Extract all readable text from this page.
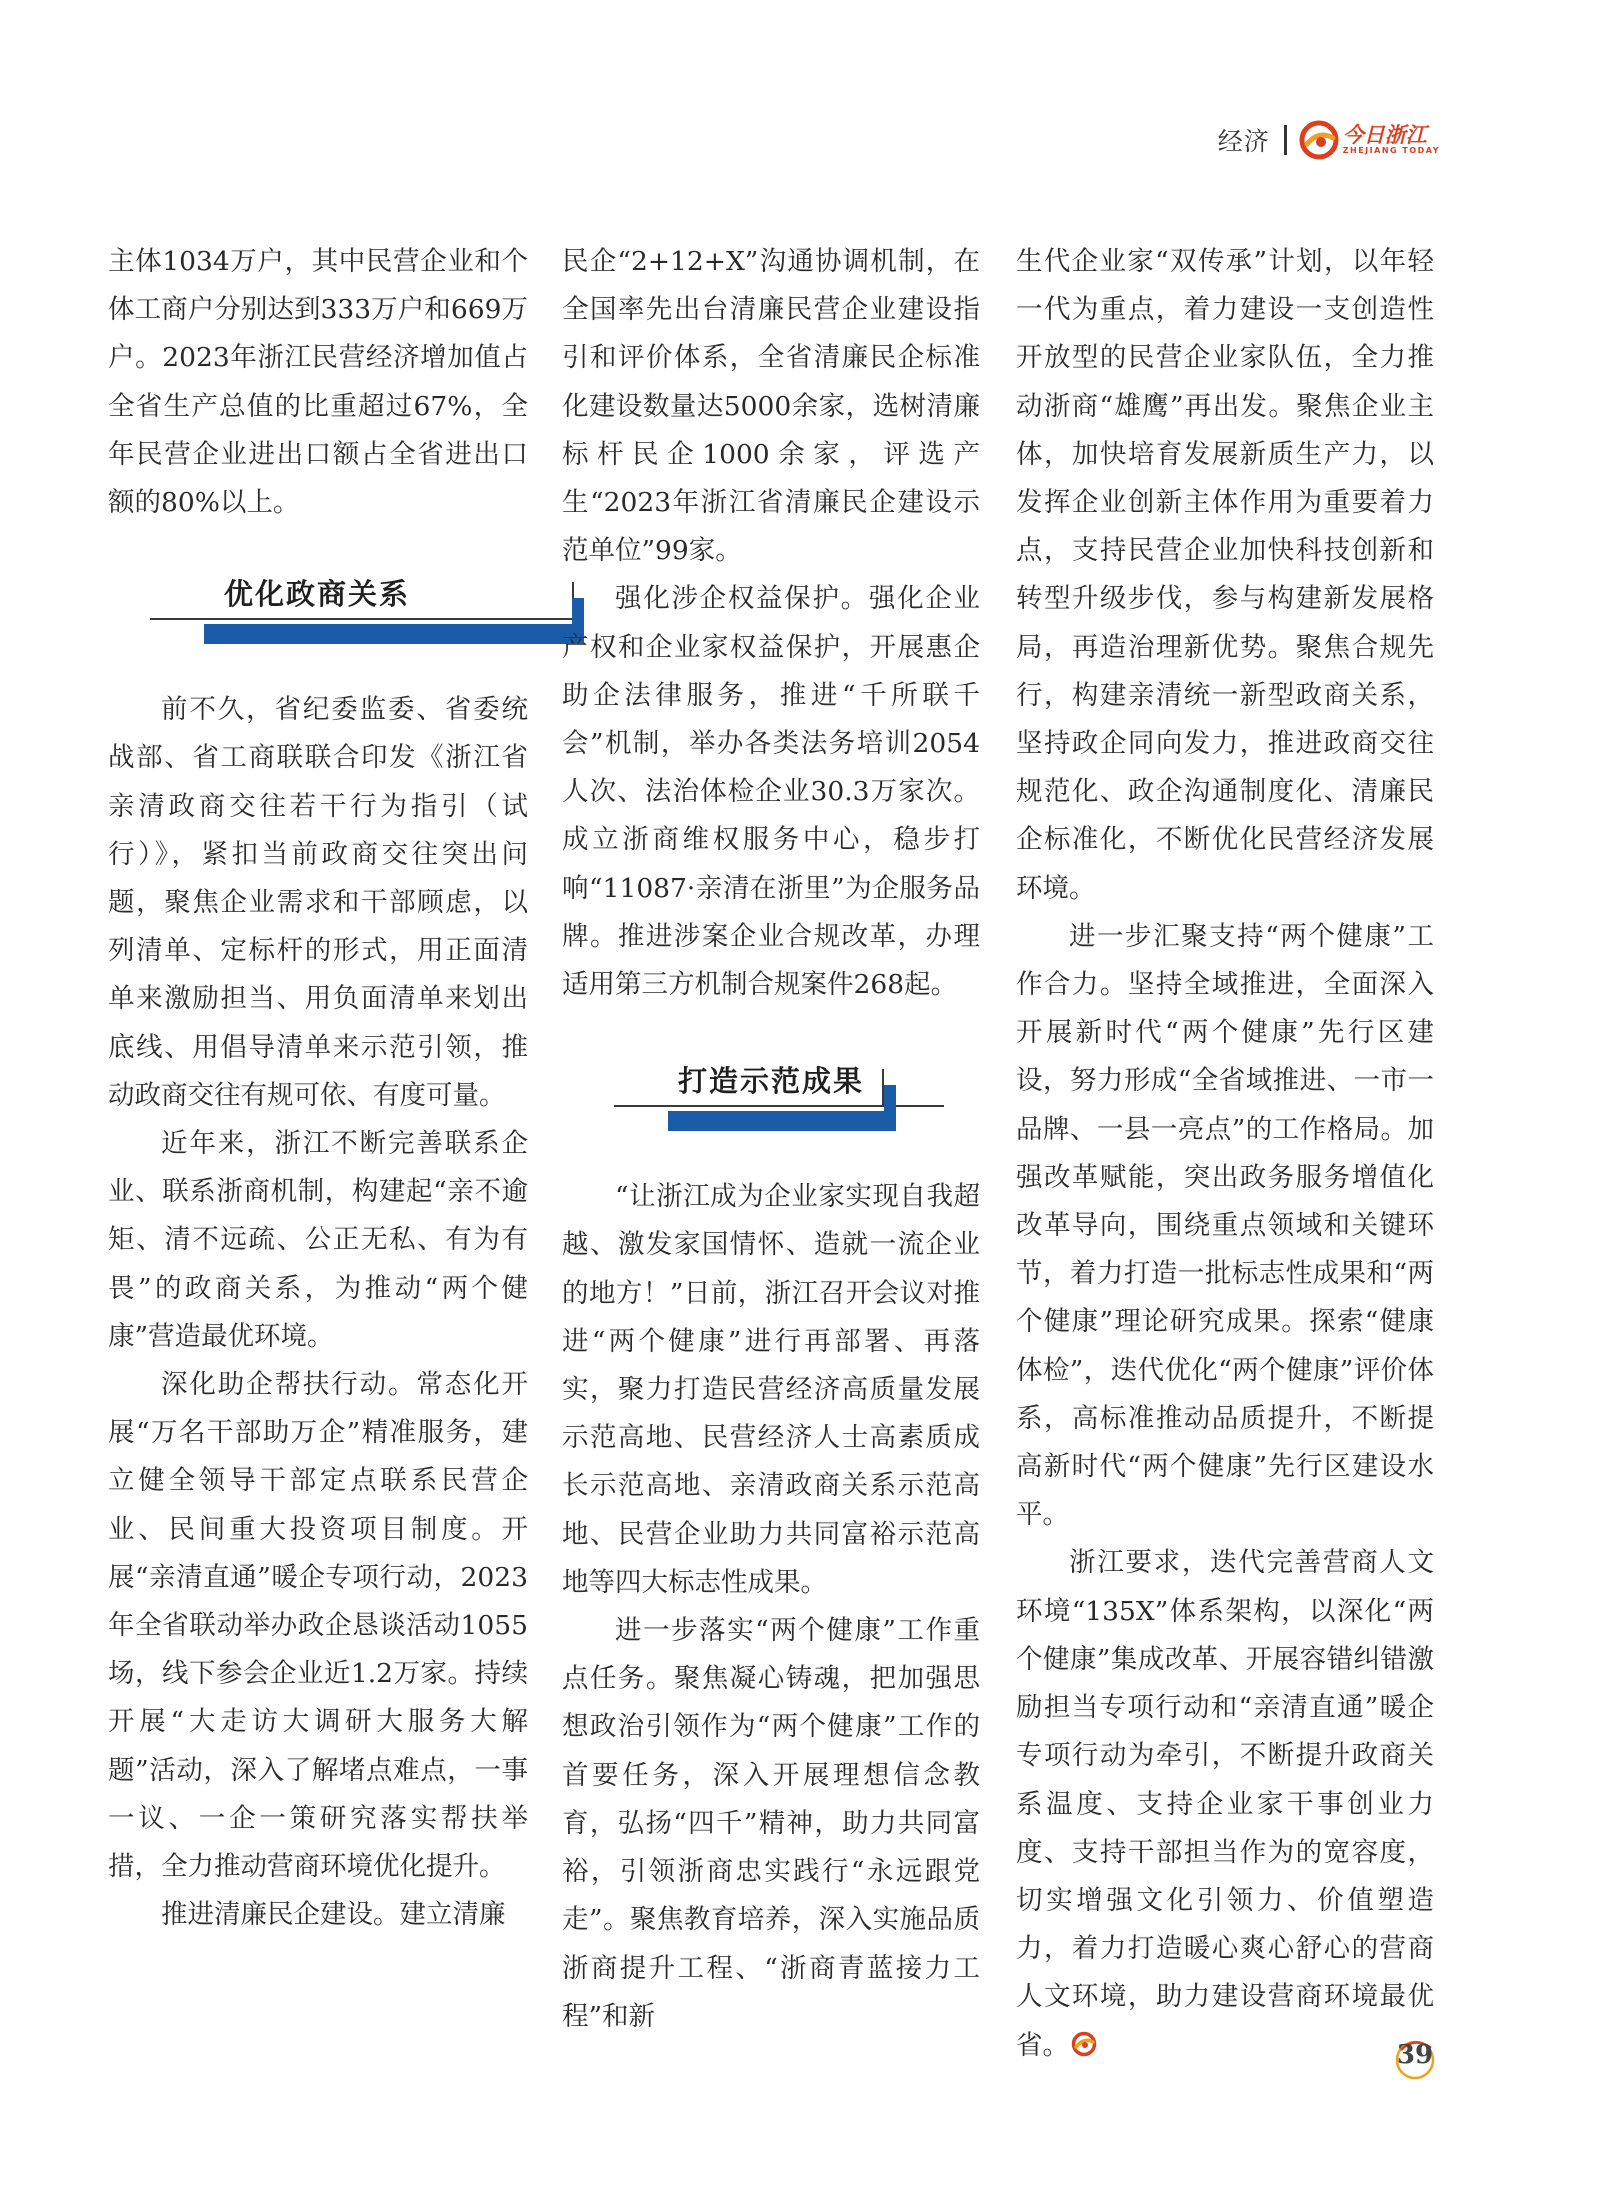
经济	今日浙江
ZHEJIANG TODAY

主体1034万户，其中民营企业和个体工商户分别达到333万户和669万户。2023年浙江民营经济增加值占全省生产总值的比重超过67%，全年民营企业进出口额占全省进出口额的80%以上。

优化政商关系

前不久，省纪委监委、省委统战部、省工商联联合印发《浙江省亲清政商交往若干行为指引（试行）》，紧扣当前政商交往突出问题，聚焦企业需求和干部顾虑，以列清单、定标杆的形式，用正面清单来激励担当、用负面清单来划出底线、用倡导清单来示范引领，推动政商交往有规可依、有度可量。

近年来，浙江不断完善联系企业、联系浙商机制，构建起“亲不逾矩、清不远疏、公正无私、有为有畏”的政商关系，为推动“两个健康”营造最优环境。

深化助企帮扶行动。常态化开展“万名干部助万企”精准服务，建立健全领导干部定点联系民营企业、民间重大投资项目制度。开展“亲清直通”暖企专项行动，2023年全省联动举办政企恳谈活动1055场，线下参会企业近1.2万家。持续开展“大走访大调研大服务大解题”活动，深入了解堵点难点，一事一议、一企一策研究落实帮扶举措，全力推动营商环境优化提升。

推进清廉民企建设。建立清廉

民企“2+12+X”沟通协调机制，在全国率先出台清廉民营企业建设指引和评价体系，全省清廉民企标准化建设数量达5000余家，选树清廉标杆民企1000余家，评选产生“2023年浙江省清廉民企建设示范单位”99家。

强化涉企权益保护。强化企业产权和企业家权益保护，开展惠企助企法律服务，推进“千所联千会”机制，举办各类法务培训2054人次、法治体检企业30.3万家次。成立浙商维权服务中心，稳步打响“11087·亲清在浙里”为企服务品牌。推进涉案企业合规改革，办理适用第三方机制合规案件268起。

打造示范成果

“让浙江成为企业家实现自我超越、激发家国情怀、造就一流企业的地方！”日前，浙江召开会议对推进“两个健康”进行再部署、再落实，聚力打造民营经济高质量发展示范高地、民营经济人士高素质成长示范高地、亲清政商关系示范高地、民营企业助力共同富裕示范高地等四大标志性成果。

进一步落实“两个健康”工作重点任务。聚焦凝心铸魂，把加强思想政治引领作为“两个健康”工作的首要任务，深入开展理想信念教育，弘扬“四千”精神，助力共同富裕，引领浙商忠实践行“永远跟党走”。聚焦教育培养，深入实施品质浙商提升工程、“浙商青蓝接力工程”和新

生代企业家“双传承”计划，以年轻一代为重点，着力建设一支创造性开放型的民营企业家队伍，全力推动浙商“雄鹰”再出发。聚焦企业主体，加快培育发展新质生产力，以发挥企业创新主体作用为重要着力点，支持民营企业加快科技创新和转型升级步伐，参与构建新发展格局，再造治理新优势。聚焦合规先行，构建亲清统一新型政商关系，坚持政企同向发力，推进政商交往规范化、政企沟通制度化、清廉民企标准化，不断优化民营经济发展环境。

进一步汇聚支持“两个健康”工作合力。坚持全域推进，全面深入开展新时代“两个健康”先行区建设，努力形成“全省域推进、一市一品牌、一县一亮点”的工作格局。加强改革赋能，突出政务服务增值化改革导向，围绕重点领域和关键环节，着力打造一批标志性成果和“两个健康”理论研究成果。探索“健康体检”，迭代优化“两个健康”评价体系，高标准推动品质提升，不断提高新时代“两个健康”先行区建设水平。

浙江要求，迭代完善营商人文环境“135X”体系架构，以深化“两个健康”集成改革、开展容错纠错激励担当专项行动和“亲清直通”暖企专项行动为牵引，不断提升政商关系温度、支持企业家干事创业力度、支持干部担当作为的宽容度，切实增强文化引领力、价值塑造力，着力打造暖心爽心舒心的营商人文环境，助力建设营商环境最优省。	39
